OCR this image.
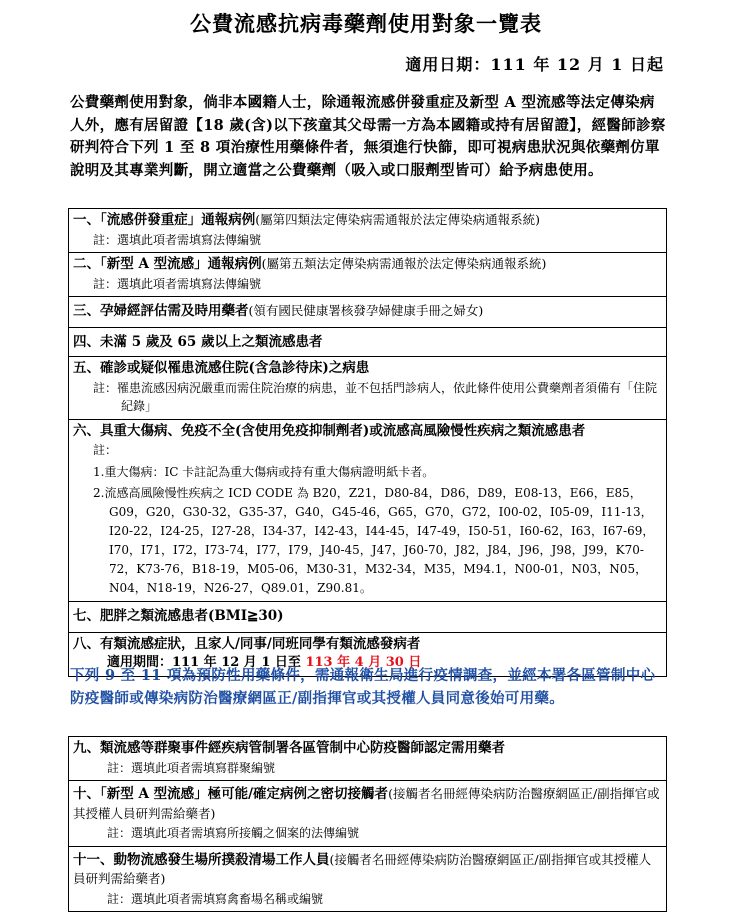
公費流感抗病毒藥劑使用對象一覽表
適用日期：111 年 12 月 1 日起
公費藥劑使用對象，倘非本國籍人士，除通報流感併發重症及新型 A 型流感等法定傳染病人外，應有居留證【18 歲(含)以下孩童其父母需一方為本國籍或持有居留證】，經醫師診察研判符合下列 1 至 8 項治療性用藥條件者，無須進行快篩，即可視病患狀況與依藥劑仿單說明及其專業判斷，開立適當之公費藥劑（吸入或口服劑型皆可）給予病患使用。
一、「流感併發重症」通報病例(屬第四類法定傳染病需通報於法定傳染病通報系統)
註：選填此項者需填寫法傳編號

二、「新型 A 型流感」通報病例(屬第五類法定傳染病需通報於法定傳染病通報系統)
註：選填此項者需填寫法傳編號

三、孕婦經評估需及時用藥者(領有國民健康署核發孕婦健康手冊之婦女)
四、未滿 5 歲及 65 歲以上之類流感患者
五、確診或疑似罹患流感住院(含急診待床)之病患
註：罹患流感因病況嚴重而需住院治療的病患，並不包括門診病人，依此條件使用公費藥劑者須備有「住院紀錄」

六、具重大傷病、免疫不全(含使用免疫抑制劑者)或流感高風險慢性疾病之類流感患者
註：
1.重大傷病：IC 卡註記為重大傷病或持有重大傷病證明紙卡者。
2.流感高風險慢性疾病之 ICD CODE 為 B20，Z21，D80-84，D86，D89，E08-13，E66，E85，G09，G20，G30-32，G35-37，G40，G45-46，G65，G70，G72，I00-02，I05-09，I11-13，I20-22，I24-25，I27-28，I34-37，I42-43，I44-45，I47-49，I50-51，I60-62，I63，I67-69，I70，I71，I72，I73-74，I77，I79，J40-45，J47，J60-70，J82，J84，J96，J98，J99，K70-72，K73-76，B18-19，M05-06，M30-31，M32-34，M35，M94.1，N00-01，N03，N05，N04，N18-19，N26-27，Q89.01，Z90.81。

七、肥胖之類流感患者(BMI≧30)
八、有類流感症狀，且家人/同事/同班同學有類流感發病者
適用期間：111 年 12 月 1 日至 113 年 4 月 30 日
下列 9 至 11 項為預防性用藥條件，需通報衛生局進行疫情調查，並經本署各區管制中心防疫醫師或傳染病防治醫療網區正/副指揮官或其授權人員同意後始可用藥。
九、類流感等群聚事件經疾病管制署各區管制中心防疫醫師認定需用藥者
註：選填此項者需填寫群聚編號

十、「新型 A 型流感」極可能/確定病例之密切接觸者(接觸者名冊經傳染病防治醫療網區正/副指揮官或其授權人員研判需給藥者)
註：選填此項者需填寫所接觸之個案的法傳編號

十一、動物流感發生場所撲殺清場工作人員(接觸者名冊經傳染病防治醫療網區正/副指揮官或其授權人員研判需給藥者)
註：選填此項者需填寫禽畜場名稱或編號
